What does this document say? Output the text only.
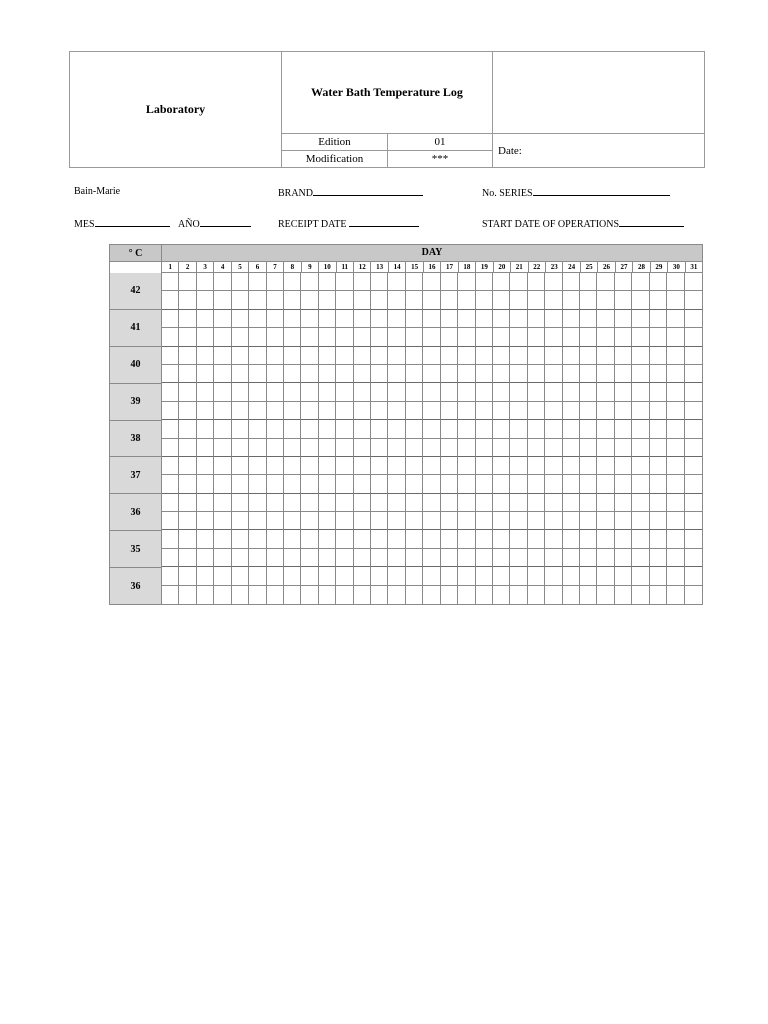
Laboratory
Water Bath Temperature Log
Edition	01
Modification	***
Date:
Bain-Marie	BRAND	No. SERIES
MES	AÑO	RECEIPT DATE	START DATE OF OPERATIONS
° C	DAY
1	2	3	4	5	6	7	8	9	10	11	12	13	14	15	16	17	18	19	20	21	22	23	24	25	26	27	28	29	30	31
42
41
40
39
38
37
36
35
36
